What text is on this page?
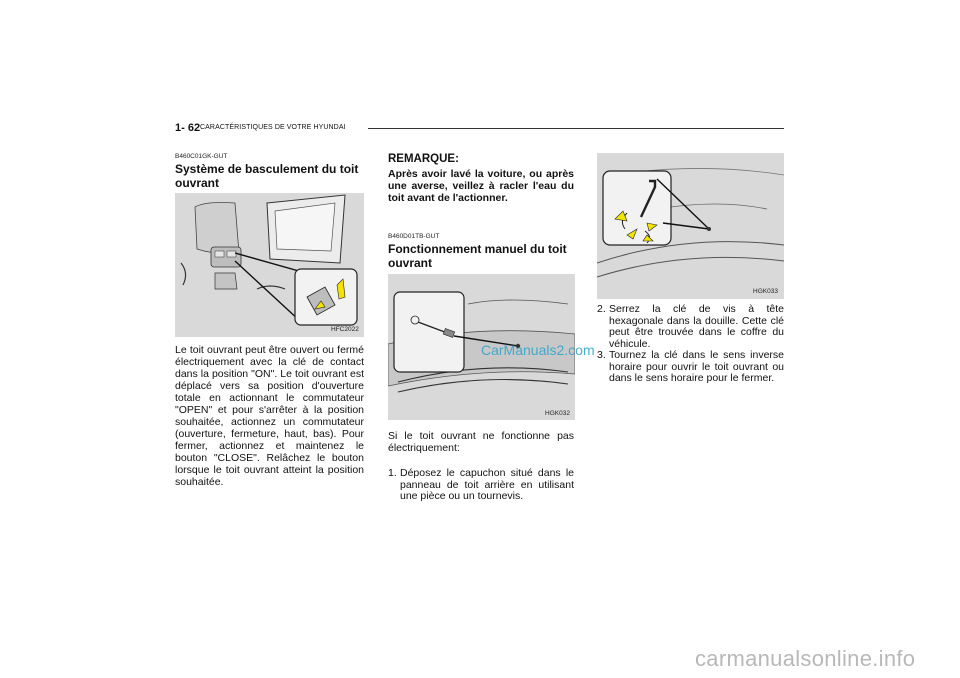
1- 62 CARACTÉRISTIQUES DE VOTRE HYUNDAI
B460C01GK-GUT
Système de basculement du toit ouvrant
HFC2022
Le toit ouvrant peut être ouvert ou fermé électriquement avec la clé de contact dans la position "ON". Le toit ouvrant est déplacé vers sa position d'ouverture totale en actionnant le commutateur "OPEN" et pour s'arrêter à la position souhaitée, actionnez un commutateur (ouverture, fermeture, haut, bas). Pour fermer, actionnez et maintenez le bouton "CLOSE". Relâchez le bouton lorsque le toit ouvrant atteint la position souhaitée.
REMARQUE:
Après avoir lavé la voiture, ou après une averse, veillez à racler l'eau du toit avant de l'actionner.
B460D01TB-GUT
Fonctionnement manuel du toit ouvrant
HGK032
CarManuals2.com
Si le toit ouvrant ne fonctionne pas électriquement:
1. Déposez le capuchon situé dans le panneau de toit arrière en utilisant une pièce ou un tournevis.
HGK033
2. Serrez la clé de vis à tête hexagonale dans la douille. Cette clé peut être trouvée dans le coffre du véhicule.
3. Tournez la clé dans le sens inverse horaire pour ouvrir le toit ouvrant ou dans le sens horaire pour le fermer.
carmanualsonline.info
